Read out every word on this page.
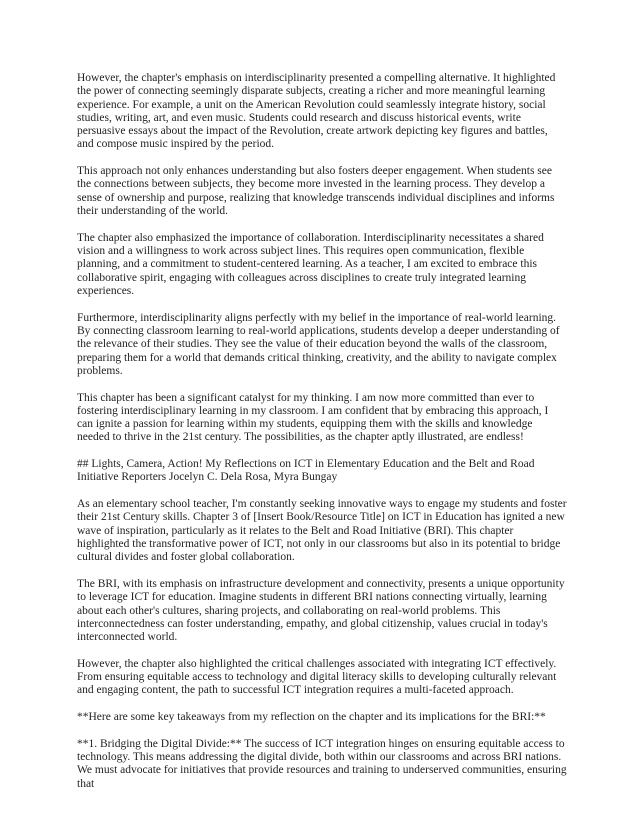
However, the chapter's emphasis on interdisciplinarity presented a compelling alternative. It highlighted the power of connecting seemingly disparate subjects, creating a richer and more meaningful learning experience. For example, a unit on the American Revolution could seamlessly integrate history, social studies, writing, art, and even music. Students could research and discuss historical events, write persuasive essays about the impact of the Revolution, create artwork depicting key figures and battles, and compose music inspired by the period.

This approach not only enhances understanding but also fosters deeper engagement. When students see the connections between subjects, they become more invested in the learning process. They develop a sense of ownership and purpose, realizing that knowledge transcends individual disciplines and informs their understanding of the world.

The chapter also emphasized the importance of collaboration. Interdisciplinarity necessitates a shared vision and a willingness to work across subject lines. This requires open communication, flexible planning, and a commitment to student-centered learning. As a teacher, I am excited to embrace this collaborative spirit, engaging with colleagues across disciplines to create truly integrated learning experiences.

Furthermore, interdisciplinarity aligns perfectly with my belief in the importance of real-world learning. By connecting classroom learning to real-world applications, students develop a deeper understanding of the relevance of their studies. They see the value of their education beyond the walls of the classroom, preparing them for a world that demands critical thinking, creativity, and the ability to navigate complex problems.

This chapter has been a significant catalyst for my thinking. I am now more committed than ever to fostering interdisciplinary learning in my classroom. I am confident that by embracing this approach, I can ignite a passion for learning within my students, equipping them with the skills and knowledge needed to thrive in the 21st century. The possibilities, as the chapter aptly illustrated, are endless!

## Lights, Camera, Action! My Reflections on ICT in Elementary Education and the Belt and Road Initiative Reporters Jocelyn C. Dela Rosa, Myra Bungay

As an elementary school teacher, I'm constantly seeking innovative ways to engage my students and foster their 21st Century skills. Chapter 3 of [Insert Book/Resource Title] on ICT in Education has ignited a new wave of inspiration, particularly as it relates to the Belt and Road Initiative (BRI). This chapter highlighted the transformative power of ICT, not only in our classrooms but also in its potential to bridge cultural divides and foster global collaboration.

The BRI, with its emphasis on infrastructure development and connectivity, presents a unique opportunity to leverage ICT for education. Imagine students in different BRI nations connecting virtually, learning about each other's cultures, sharing projects, and collaborating on real-world problems. This interconnectedness can foster understanding, empathy, and global citizenship, values crucial in today's interconnected world.

However, the chapter also highlighted the critical challenges associated with integrating ICT effectively. From ensuring equitable access to technology and digital literacy skills to developing culturally relevant and engaging content, the path to successful ICT integration requires a multi-faceted approach.

**Here are some key takeaways from my reflection on the chapter and its implications for the BRI:**

**1. Bridging the Digital Divide:** The success of ICT integration hinges on ensuring equitable access to technology. This means addressing the digital divide, both within our classrooms and across BRI nations. We must advocate for initiatives that provide resources and training to underserved communities, ensuring that
